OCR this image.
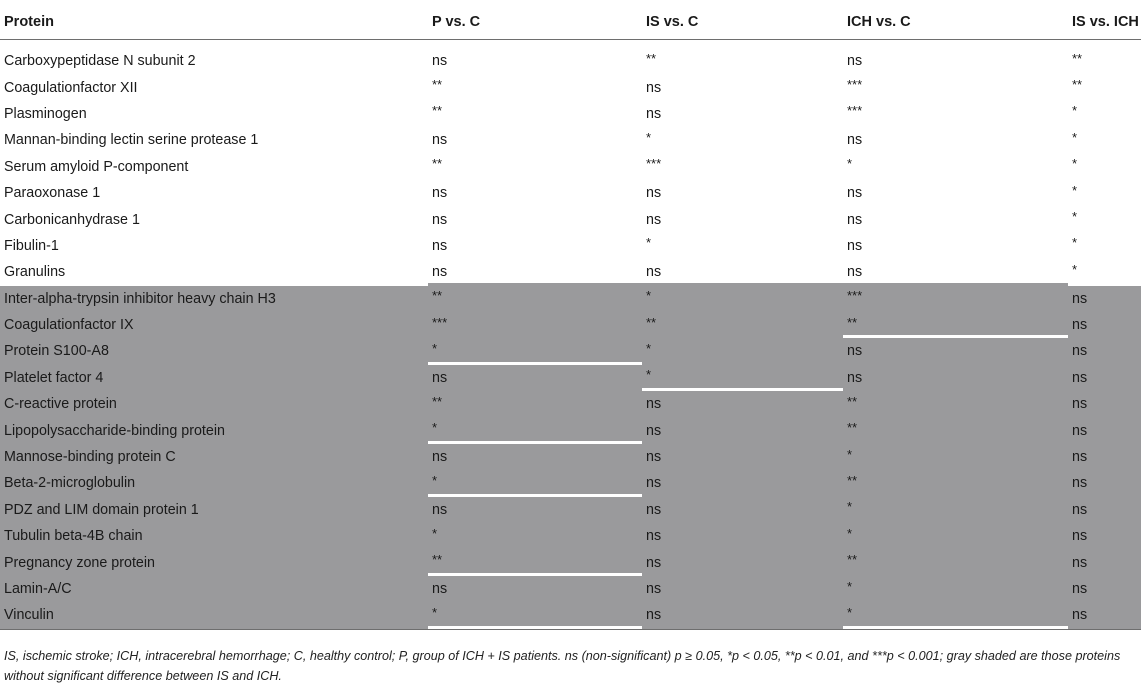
Protein	P vs. C	IS vs. C	ICH vs. C	IS vs. ICH

Carboxypeptidase N subunit 2	ns	**	ns	**
Coagulationfactor XII	**	ns	***	**
Plasminogen	**	ns	***	*
Mannan-binding lectin serine protease 1	ns	*	ns	*
Serum amyloid P-component	**	***	*	*
Paraoxonase 1	ns	ns	ns	*
Carbonicanhydrase 1	ns	ns	ns	*
Fibulin-1	ns	*	ns	*
Granulins	ns	ns	ns	*
Inter-alpha-trypsin inhibitor heavy chain H3	**	*	***	ns
Coagulationfactor IX	***	**	**	ns
Protein S100-A8	*	*	ns	ns
Platelet factor 4	ns	*	ns	ns
C-reactive protein	**	ns	**	ns
Lipopolysaccharide-binding protein	*	ns	**	ns
Mannose-binding protein C	ns	ns	*	ns
Beta-2-microglobulin	*	ns	**	ns
PDZ and LIM domain protein 1	ns	ns	*	ns
Tubulin beta-4B chain	*	ns	*	ns
Pregnancy zone protein	**	ns	**	ns
Lamin-A/C	ns	ns	*	ns
Vinculin	*	ns	*	ns
IS, ischemic stroke; ICH, intracerebral hemorrhage; C, healthy control; P, group of ICH + IS patients. ns (non-significant) p ≥ 0.05, *p < 0.05, **p < 0.01, and ***p < 0.001; gray shaded are those proteins without significant difference between IS and ICH.
